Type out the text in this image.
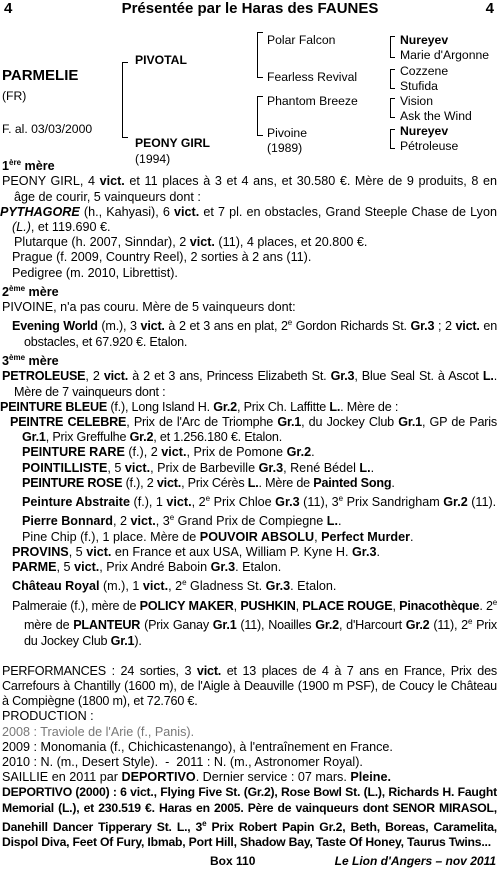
4	Présentée par le Haras des FAUNES	4
PARMELIE
(FR)
F. al. 03/03/2000
PIVOTAL
PEONY GIRL
(1994)
Polar Falcon
Fearless Revival
Phantom Breeze
Pivoine
(1989)
Nureyev
Marie d'Argonne
Cozzene
Stufida
Vision
Ask the Wind
Nureyev
Pétroleuse
1ère mère
PEONY GIRL, 4 vict. et 11 places à 3 et 4 ans, et 30.580 €. Mère de 9 produits, 8 en âge de courir, 5 vainqueurs dont :
PYTHAGORE (h., Kahyasi), 6 vict. et 7 pl. en obstacles, Grand Steeple Chase de Lyon (L.), et 119.690 €.
Plutarque (h. 2007, Sinndar), 2 vict. (11), 4 places, et 20.800 €.
Prague (f. 2009, Country Reel), 2 sorties à 2 ans (11).
Pedigree (m. 2010, Librettist).
2ème mère
PIVOINE, n'a pas couru. Mère de 5 vainqueurs dont:
Evening World (m.), 3 vict. à 2 et 3 ans en plat, 2e Gordon Richards St. Gr.3 ; 2 vict. en obstacles, et 67.920 €. Etalon.
3ème mère
PETROLEUSE, 2 vict. à 2 et 3 ans, Princess Elizabeth St. Gr.3, Blue Seal St. à Ascot L.. Mère de 7 vainqueurs dont :
PEINTURE BLEUE (f.), Long Island H. Gr.2, Prix Ch. Laffitte L.. Mère de :
PEINTRE CELEBRE, Prix de l'Arc de Triomphe Gr.1, du Jockey Club Gr.1, GP de Paris Gr.1, Prix Greffulhe Gr.2, et 1.256.180 €. Etalon.
PEINTURE RARE (f.), 2 vict., Prix de Pomone Gr.2.
POINTILLISTE, 5 vict., Prix de Barbeville Gr.3, René Bédel L..
PEINTURE ROSE (f.), 2 vict., Prix Cérès L.. Mère de Painted Song.
Peinture Abstraite (f.), 1 vict., 2e Prix Chloe Gr.3 (11), 3e Prix Sandrigham Gr.2 (11).
Pierre Bonnard, 2 vict., 3e Grand Prix de Compiegne L..
Pine Chip (f.), 1 place. Mère de POUVOIR ABSOLU, Perfect Murder.
PROVINS, 5 vict. en France et aux USA, William P. Kyne H. Gr.3.
PARME, 5 vict., Prix André Baboin Gr.3. Etalon.
Château Royal (m.), 1 vict., 2e Gladness St. Gr.3. Etalon.
Palmeraie (f.), mère de POLICY MAKER, PUSHKIN, PLACE ROUGE, Pinacothèque. 2e mère de PLANTEUR (Prix Ganay Gr.1 (11), Noailles Gr.2, d'Harcourt Gr.2 (11), 2e Prix du Jockey Club Gr.1).
PERFORMANCES : 24 sorties, 3 vict. et 13 places de 4 à 7 ans en France, Prix des Carrefours à Chantilly (1600 m), de l'Aigle à Deauville (1900 m PSF), de Coucy le Château à Compiègne (1800 m), et 72.760 €.
PRODUCTION :
2008 : Traviole de l'Arie (f., Panis).
2009 : Monomania (f., Chichicastenango), à l'entraînement en France.
2010 : N. (m., Desert Style).  -  2011 : N. (m., Astronomer Royal).
SAILLIE en 2011 par DEPORTIVO. Dernier service : 07 mars. Pleine.
DEPORTIVO (2000) : 6 vict., Flying Five St. (Gr.2), Rose Bowl St. (L.), Richards H. Faught Memorial (L.), et 230.519 €. Haras en 2005. Père de vainqueurs dont SENOR MIRASOL, Danehill Dancer Tipperary St. L., 3e Prix Robert Papin Gr.2, Beth, Boreas, Caramelita, Dispol Diva, Feet Of Fury, Ibmab, Port Hill, Shadow Bay, Taste Of Honey, Taurus Twins...
Box 110	Le Lion d'Angers – nov 2011
